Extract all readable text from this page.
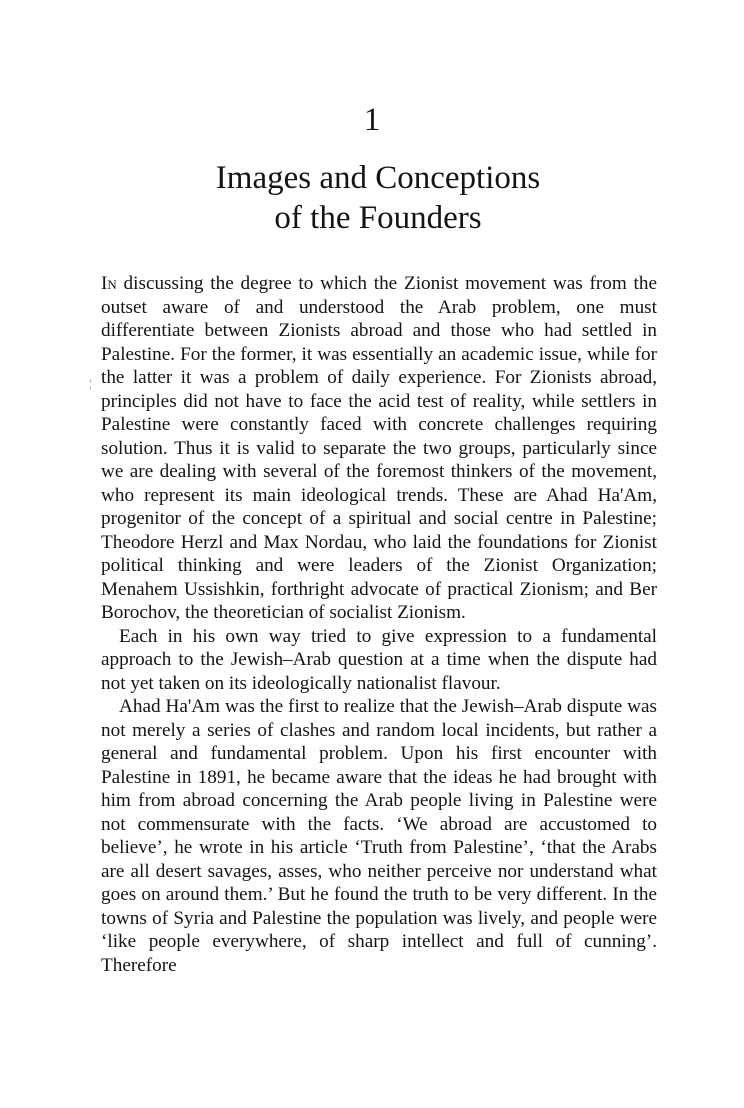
1
Images and Conceptions
of the Founders
¦

In discussing the degree to which the Zionist movement was from the outset aware of and understood the Arab problem, one must differentiate between Zionists abroad and those who had settled in Palestine. For the former, it was essentially an academic issue, while for the latter it was a problem of daily experience. For Zionists abroad, principles did not have to face the acid test of reality, while settlers in Palestine were constantly faced with concrete challenges requiring solution. Thus it is valid to separate the two groups, particularly since we are dealing with several of the foremost thinkers of the movement, who represent its main ideological trends. These are Ahad Ha'Am, progenitor of the concept of a spiritual and social centre in Palestine; Theodore Herzl and Max Nordau, who laid the foundations for Zionist political thinking and were leaders of the Zionist Organization; Menahem Ussishkin, forthright advocate of practical Zionism; and Ber Borochov, the theoretician of socialist Zionism.

Each in his own way tried to give expression to a fundamental approach to the Jewish–Arab question at a time when the dispute had not yet taken on its ideologically nationalist flavour.

Ahad Ha'Am was the first to realize that the Jewish–Arab dispute was not merely a series of clashes and random local incidents, but rather a general and fundamental problem. Upon his first encounter with Palestine in 1891, he became aware that the ideas he had brought with him from abroad concerning the Arab people living in Palestine were not commensurate with the facts. ‘We abroad are accustomed to believe’, he wrote in his article ‘Truth from Palestine’, ‘that the Arabs are all desert savages, asses, who neither perceive nor understand what goes on around them.’ But he found the truth to be very different. In the towns of Syria and Palestine the population was lively, and people were ‘like people everywhere, of sharp intellect and full of cunning’. Therefore
